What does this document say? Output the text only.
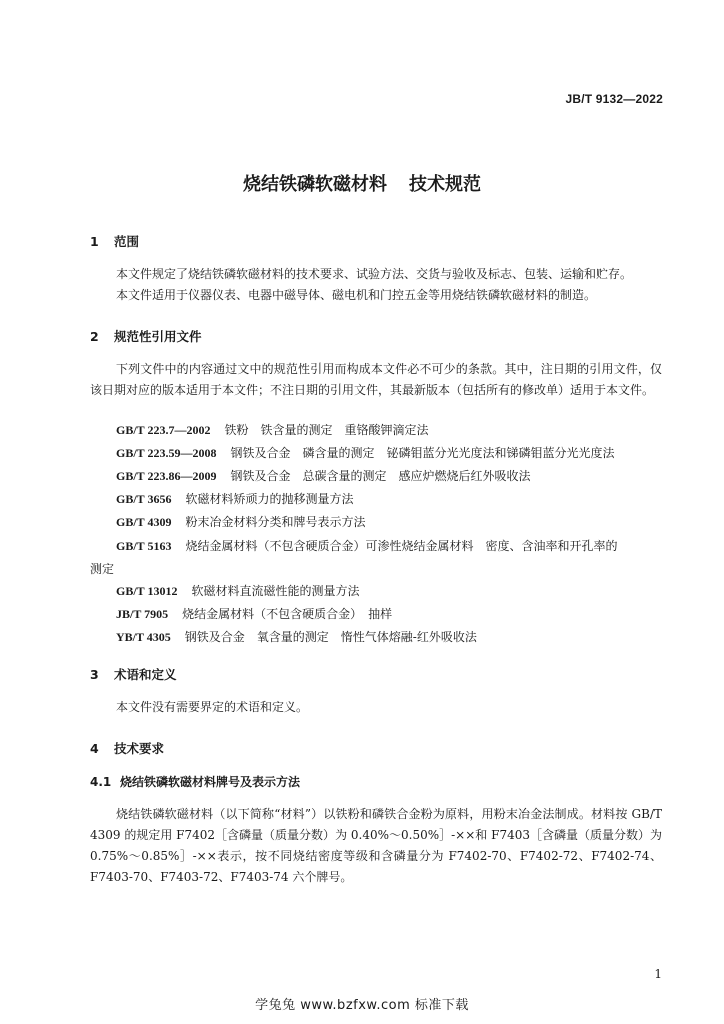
JB/T 9132—2022
烧结铁磷软磁材料 技术规范
1 范围
本文件规定了烧结铁磷软磁材料的技术要求、试验方法、交货与验收及标志、包装、运输和贮存。
本文件适用于仪器仪表、电器中磁导体、磁电机和门控五金等用烧结铁磷软磁材料的制造。
2 规范性引用文件
下列文件中的内容通过文中的规范性引用而构成本文件必不可少的条款。其中，注日期的引用文件，仅该日期对应的版本适用于本文件；不注日期的引用文件，其最新版本（包括所有的修改单）适用于本文件。
GB/T 223.7—2002 铁粉　铁含量的测定　重铬酸钾滴定法
GB/T 223.59—2008 钢铁及合金　磷含量的测定　铋磷钼蓝分光光度法和锑磷钼蓝分光光度法
GB/T 223.86—2009 钢铁及合金　总碳含量的测定　感应炉燃烧后红外吸收法
GB/T 3656 软磁材料矫顽力的抛移测量方法
GB/T 4309 粉末冶金材料分类和牌号表示方法
GB/T 5163 烧结金属材料（不包含硬质合金）可渗性烧结金属材料　密度、含油率和开孔率的
测定
GB/T 13012 软磁材料直流磁性能的测量方法
JB/T 7905 烧结金属材料（不包含硬质合金）　抽样
YB/T 4305 钢铁及合金　氧含量的测定　惰性气体熔融-红外吸收法
3 术语和定义
本文件没有需要界定的术语和定义。
4 技术要求
4.1 烧结铁磷软磁材料牌号及表示方法
烧结铁磷软磁材料（以下简称“材料”）以铁粉和磷铁合金粉为原料，用粉末冶金法制成。材料按 GB/T 4309 的规定用 F7402［含磷量（质量分数）为 0.40%～0.50%］-××和 F7403［含磷量（质量分数）为 0.75%～0.85%］-××表示，按不同烧结密度等级和含磷量分为 F7402-70、F7402-72、F7402-74、F7403-70、F7403-72、F7403-74 六个牌号。
1
学兔兔 www.bzfxw.com 标准下载
